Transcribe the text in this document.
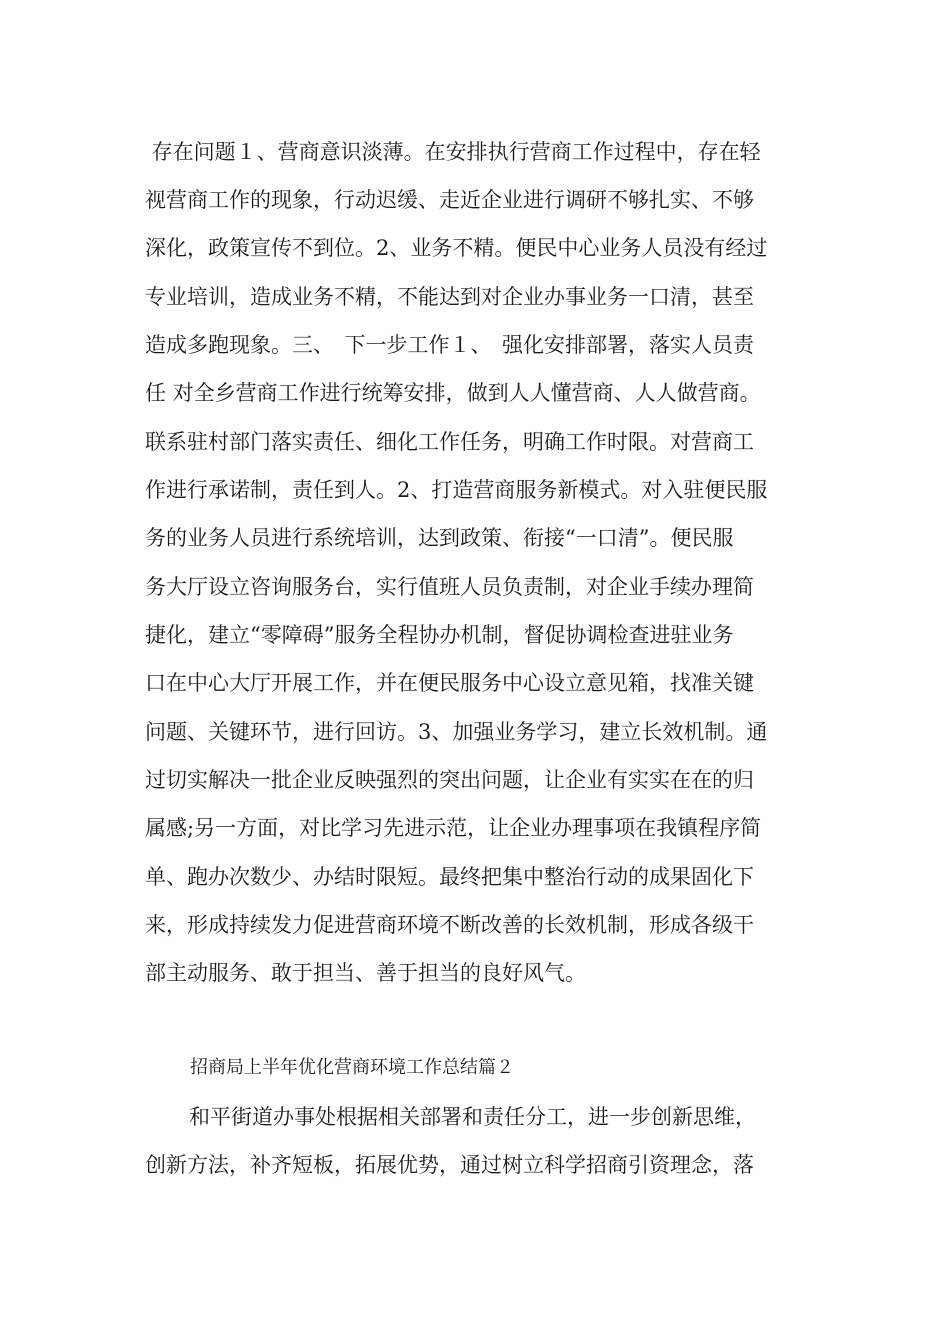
存在问题１、营商意识淡薄。在安排执行营商工作过程中，存在轻
视营商工作的现象，行动迟缓、走近企业进行调研不够扎实、不够
深化，政策宣传不到位。2、业务不精。便民中心业务人员没有经过
专业培训，造成业务不精，不能达到对企业办事业务一口清，甚至
造成多跑现象。三、　下一步工作１、　强化安排部署，落实人员责
任 对全乡营商工作进行统筹安排，做到人人懂营商、人人做营商。
联系驻村部门落实责任、细化工作任务，明确工作时限。对营商工
作进行承诺制，责任到人。2、打造营商服务新模式。对入驻便民服
务的业务人员进行系统培训，达到政策、衔接“一口清”。便民服
务大厅设立咨询服务台，实行值班人员负责制，对企业手续办理简
捷化，建立“零障碍”服务全程协办机制，督促协调检查进驻业务
口在中心大厅开展工作，并在便民服务中心设立意见箱，找准关键
问题、关键环节，进行回访。3、加强业务学习，建立长效机制。通
过切实解决一批企业反映强烈的突出问题，让企业有实实在在的归
属感;另一方面，对比学习先进示范，让企业办理事项在我镇程序简
单、跑办次数少、办结时限短。最终把集中整治行动的成果固化下
来，形成持续发力促进营商环境不断改善的长效机制，形成各级干
部主动服务、敢于担当、善于担当的良好风气。
招商局上半年优化营商环境工作总结篇２
　和平街道办事处根据相关部署和责任分工，进一步创新思维，
创新方法，补齐短板，拓展优势，通过树立科学招商引资理念，落
